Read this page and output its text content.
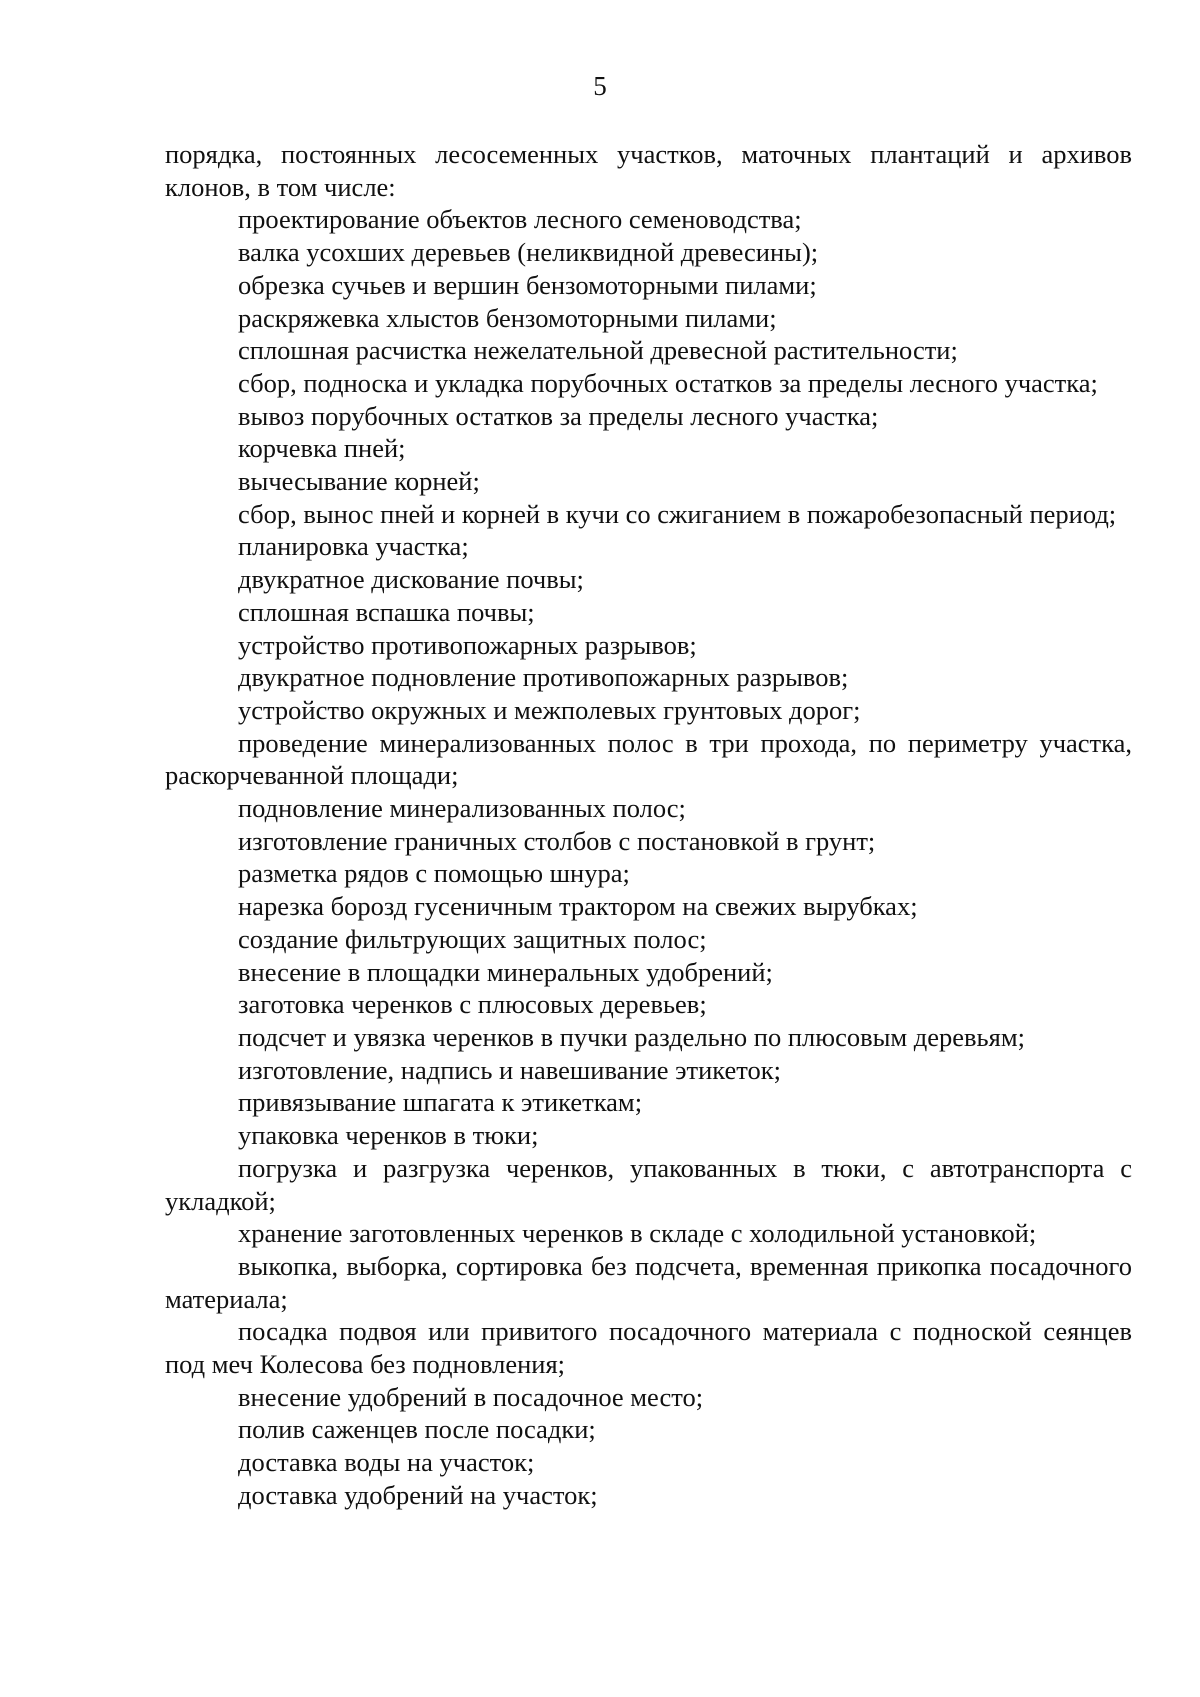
5

порядка, постоянных лесосеменных участков, маточных плантаций и архивов клонов, в том числе:

проектирование объектов лесного семеноводства;

валка усохших деревьев (неликвидной древесины);

обрезка сучьев и вершин бензомоторными пилами;

раскряжевка хлыстов бензомоторными пилами;

сплошная расчистка нежелательной древесной растительности;

сбор, подноска и укладка порубочных остатков за пределы лесного участка;

вывоз порубочных остатков за пределы лесного участка;

корчевка пней;

вычесывание корней;

сбор, вынос пней и корней в кучи со сжиганием в пожаробезопасный период;

планировка участка;

двукратное дискование почвы;

сплошная вспашка почвы;

устройство противопожарных разрывов;

двукратное подновление противопожарных разрывов;

устройство окружных и межполевых грунтовых дорог;

проведение минерализованных полос в три прохода, по периметру участка, раскорчеванной площади;

подновление минерализованных полос;

изготовление граничных столбов с постановкой в грунт;

разметка рядов с помощью шнура;

нарезка борозд гусеничным трактором на свежих вырубках;

создание фильтрующих защитных полос;

внесение в площадки минеральных удобрений;

заготовка черенков с плюсовых деревьев;

подсчет и увязка черенков в пучки раздельно по плюсовым деревьям;

изготовление, надпись и навешивание этикеток;

привязывание шпагата к этикеткам;

упаковка черенков в тюки;

погрузка и разгрузка черенков, упакованных в тюки, с автотранспорта с укладкой;

хранение заготовленных черенков в складе с холодильной установкой;

выкопка, выборка, сортировка без подсчета, временная прикопка посадочного материала;

посадка подвоя или привитого посадочного материала с подноской сеянцев под меч Колесова без подновления;

внесение удобрений в посадочное место;

полив саженцев после посадки;

доставка воды на участок;

доставка удобрений на участок;
